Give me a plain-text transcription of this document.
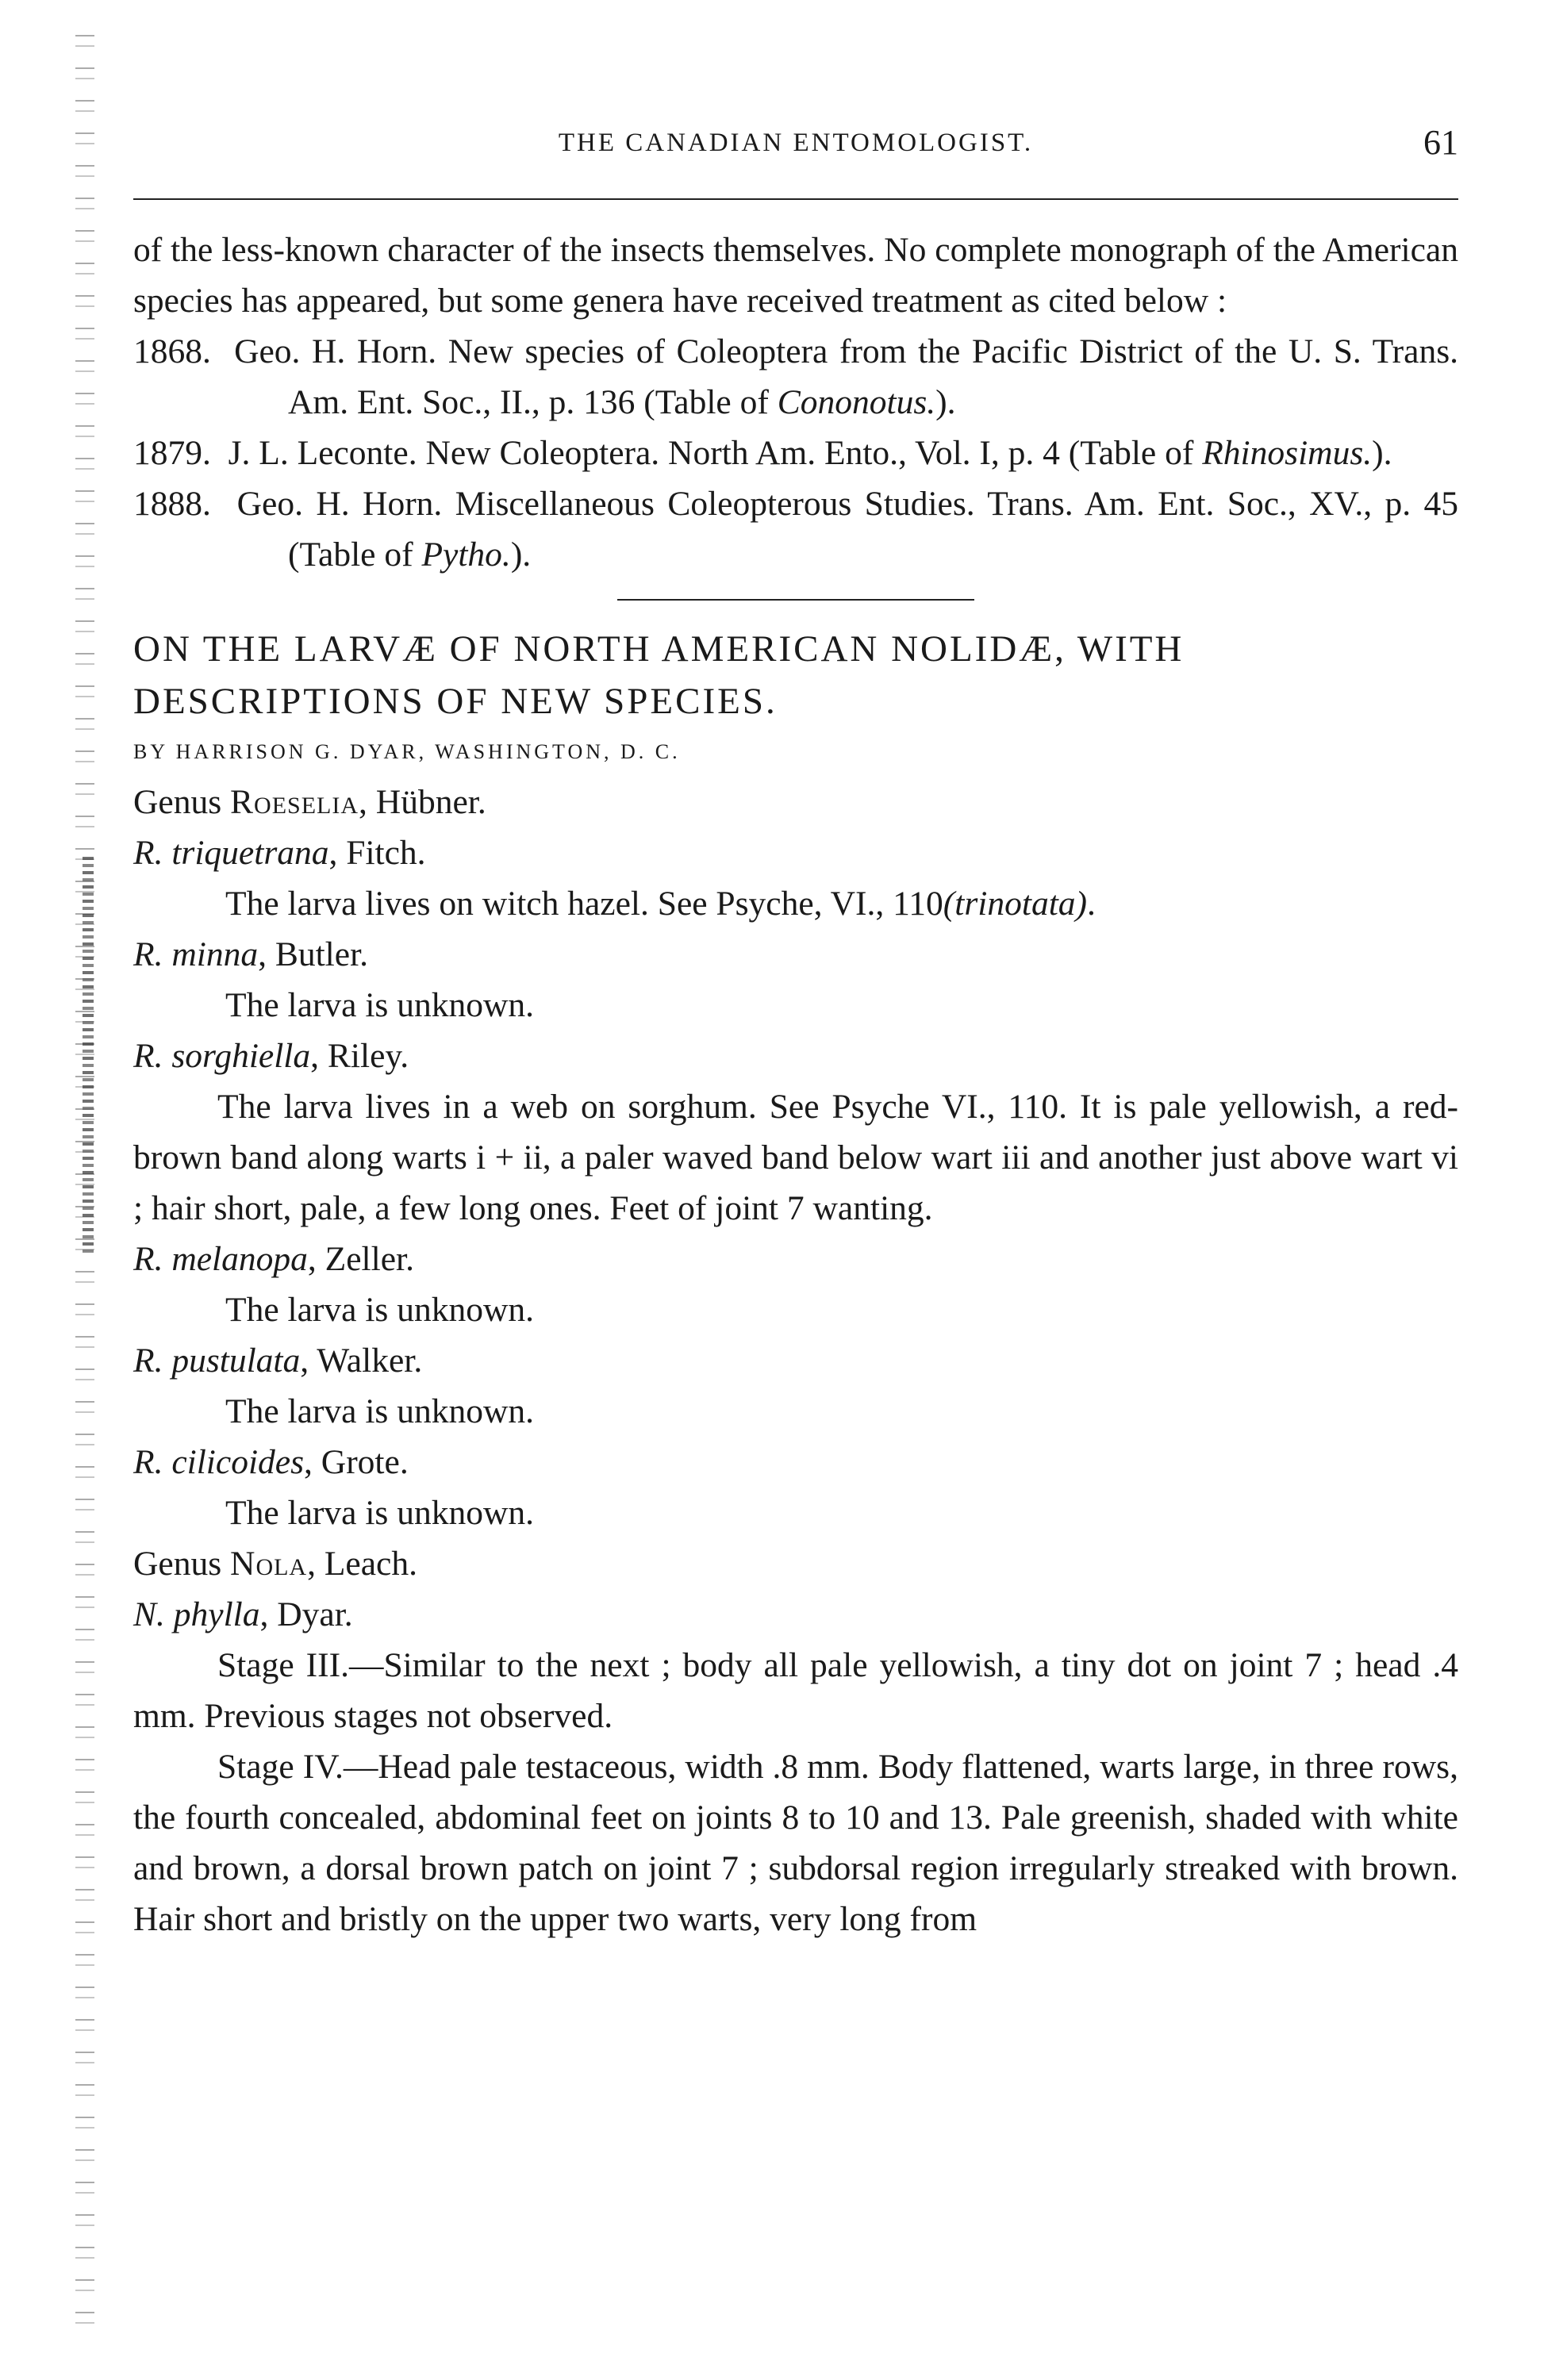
THE CANADIAN ENTOMOLOGIST.	61

of the less-known character of the insects themselves. No complete monograph of the American species has appeared, but some genera have received treatment as cited below :

1868. Geo. H. Horn. New species of Coleoptera from the Pacific District of the U. S. Trans. Am. Ent. Soc., II., p. 136 (Table of Cononotus.).

1879. J. L. Leconte. New Coleoptera. North Am. Ento., Vol. I, p. 4 (Table of Rhinosimus.).

1888. Geo. H. Horn. Miscellaneous Coleopterous Studies. Trans. Am. Ent. Soc., XV., p. 45 (Table of Pytho.).

ON THE LARVÆ OF NORTH AMERICAN NOLIDÆ, WITH

DESCRIPTIONS OF NEW SPECIES.

BY HARRISON G. DYAR, WASHINGTON, D. C.

Genus Roeselia, Hübner.

R. triquetrana, Fitch.

The larva lives on witch hazel. See Psyche, VI., 110(trinotata).

R. minna, Butler.

The larva is unknown.

R. sorghiella, Riley.

The larva lives in a web on sorghum. See Psyche VI., 110. It is pale yellowish, a red-brown band along warts i + ii, a paler waved band below wart iii and another just above wart vi ; hair short, pale, a few long ones. Feet of joint 7 wanting.

R. melanopa, Zeller.

The larva is unknown.

R. pustulata, Walker.

The larva is unknown.

R. cilicoides, Grote.

The larva is unknown.

Genus Nola, Leach.

N. phylla, Dyar.

Stage III.—Similar to the next ; body all pale yellowish, a tiny dot on joint 7 ; head .4 mm. Previous stages not observed.

Stage IV.—Head pale testaceous, width .8 mm. Body flattened, warts large, in three rows, the fourth concealed, abdominal feet on joints 8 to 10 and 13. Pale greenish, shaded with white and brown, a dorsal brown patch on joint 7 ; subdorsal region irregularly streaked with brown. Hair short and bristly on the upper two warts, very long from
